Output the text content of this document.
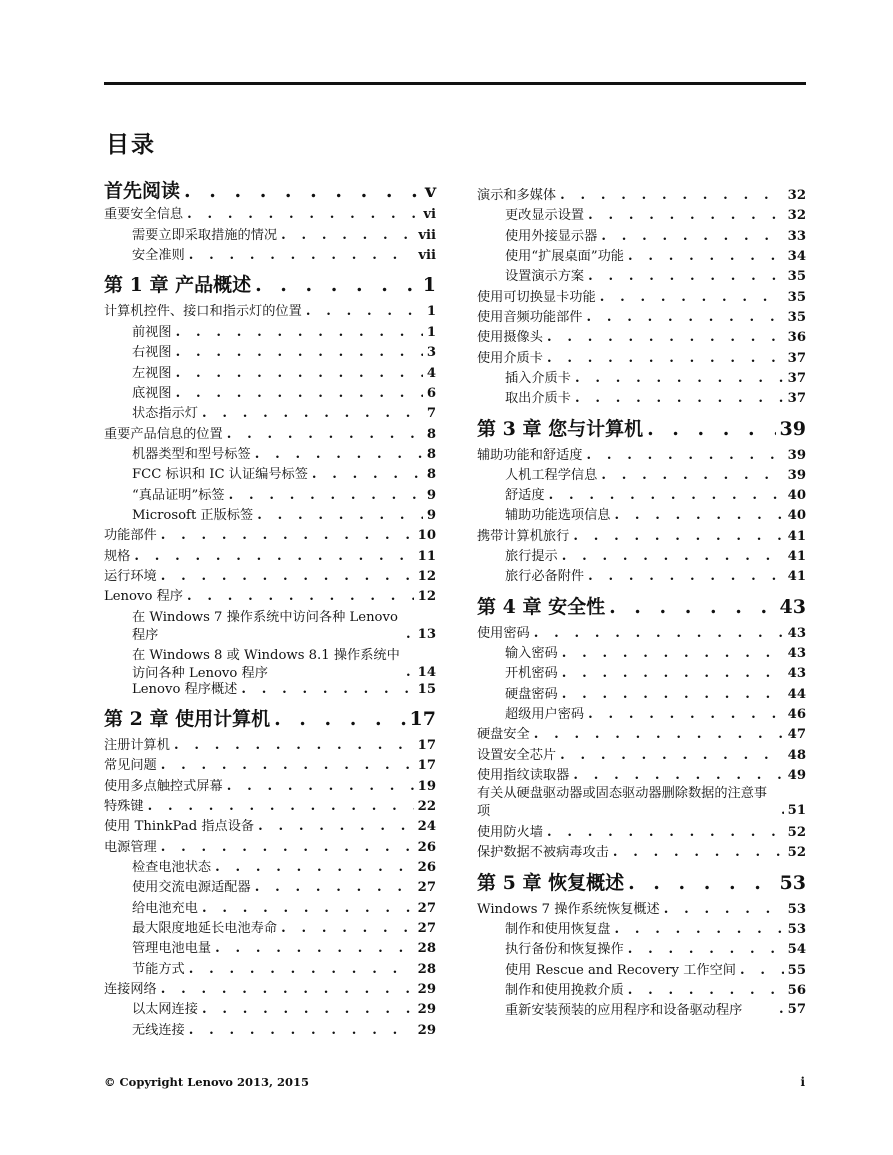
目录
首先阅读 . . .	v
重要安全信息 . . .	vi
需要立即采取措施的情况 . . .	vii
安全准则 . . .	vii
第 1 章 产品概述 . . .	1
计算机控件、接口和指示灯的位置 . . .	1
前视图 . . .	1
右视图 . . .	3
左视图 . . .	4
底视图 . . .	6
状态指示灯 . . .	7
重要产品信息的位置 . . .	8
机器类型和型号标签 . . .	8
FCC 标识和 IC 认证编号标签 . . .	8
“真品证明”标签 . . .	9
Microsoft 正版标签 . . .	9
功能部件 . . .	10
规格 . . .	11
运行环境 . . .	12
Lenovo 程序 . . .	12
在 Windows 7 操作系统中访问各种 Lenovo 程序 . . .	13
在 Windows 8 或 Windows 8.1 操作系统中访问各种 Lenovo 程序 . . .	14
Lenovo 程序概述 . . .	15
第 2 章 使用计算机 . . .	17
注册计算机 . . .	17
常见问题 . . .	17
使用多点触控式屏幕 . . .	19
特殊键 . . .	22
使用 ThinkPad 指点设备 . . .	24
电源管理 . . .	26
检查电池状态 . . .	26
使用交流电源适配器 . . .	27
给电池充电 . . .	27
最大限度地延长电池寿命 . . .	27
管理电池电量 . . .	28
节能方式 . . .	28
连接网络 . . .	29
以太网连接 . . .	29
无线连接 . . .	29
演示和多媒体 . . .	32
更改显示设置 . . .	32
使用外接显示器 . . .	33
使用“扩展桌面”功能 . . .	34
设置演示方案 . . .	35
使用可切换显卡功能 . . .	35
使用音频功能部件 . . .	35
使用摄像头 . . .	36
使用介质卡 . . .	37
插入介质卡 . . .	37
取出介质卡 . . .	37
第 3 章 您与计算机 . . .	39
辅助功能和舒适度 . . .	39
人机工程学信息 . . .	39
舒适度 . . .	40
辅助功能选项信息 . . .	40
携带计算机旅行 . . .	41
旅行提示 . . .	41
旅行必备附件 . . .	41
第 4 章 安全性 . . .	43
使用密码 . . .	43
输入密码 . . .	43
开机密码 . . .	43
硬盘密码 . . .	44
超级用户密码 . . .	46
硬盘安全 . . .	47
设置安全芯片 . . .	48
使用指纹读取器 . . .	49
有关从硬盘驱动器或固态驱动器删除数据的注意事项 . . .	51
使用防火墙 . . .	52
保护数据不被病毒攻击 . . .	52
第 5 章 恢复概述 . . .	53
Windows 7 操作系统恢复概述 . . .	53
制作和使用恢复盘 . . .	53
执行备份和恢复操作 . . .	54
使用 Rescue and Recovery 工作空间 . . .	55
制作和使用挽救介质 . . .	56
重新安装预装的应用程序和设备驱动程序 . . .	57
© Copyright Lenovo 2013, 2015	i
